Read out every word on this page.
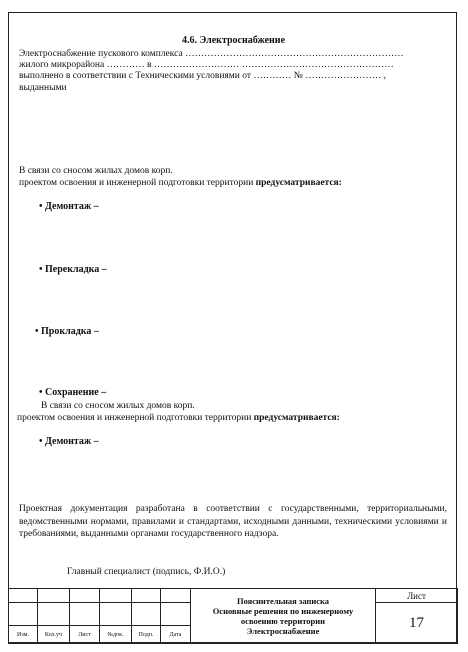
4.6. Электроснабжение
Электроснабжение пускового комплекса ……………………………………………………………
жилого микрорайона ………… в ……………………… …………………………………………
выполнено в соответствии с Техническими условиями от ………… № …………………… ,
выданными
В связи со сносом жилых домов корп.
проектом освоения и инженерной подготовки территории предусматривается:
• Демонтаж –
• Перекладка –
• Прокладка –
• Сохранение –
В связи со сносом жилых домов корп.
проектом освоения и инженерной подготовки территории предусматривается:
• Демонтаж –
Проектная документация разработана в соответствии с государственными, территориальными, ведомственными нормами, правилами и стандартами, исходными данными, техническими условиями и требованиями, выданными органами государственного надзора.
Главный специалист (подпись, Ф.И.О.)

						Пояснительная записка
Основные решения по инженерному
освоению территории
Электроснабжение	Лист
							17
Изм.	Кол.уч	Лист	№док.	Подп.	Дата		
